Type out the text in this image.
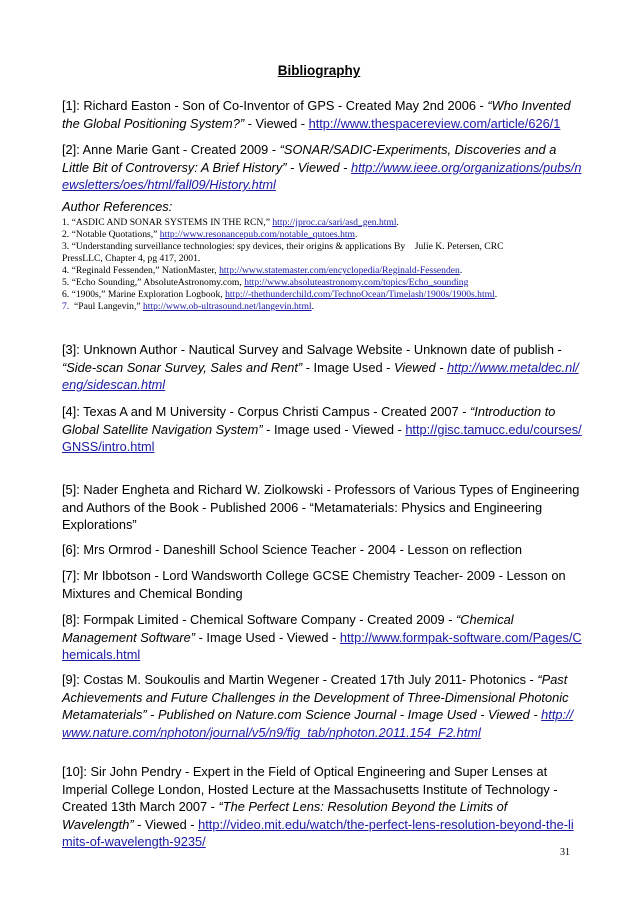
Bibliography
[1]: Richard Easton - Son of Co-Inventor of GPS - Created May 2nd 2006 - “Who Invented the Global Positioning System?” - Viewed - http://www.thespacereview.com/article/626/1
[2]: Anne Marie Gant - Created 2009 - “SONAR/SADIC-Experiments, Discoveries and a Little Bit of Controversy: A Brief History” - Viewed - http://www.ieee.org/organizations/pubs/newsletters/oes/html/fall09/History.html
Author References:
1. “ASDIC AND SONAR SYSTEMS IN THE RCN,” http://jproc.ca/sari/asd_gen.html.
2. “Notable Quotations,” http://www.resonancepub.com/notable_qutoes.htm.
3. “Understanding surveillance technologies: spy devices, their origins & applications By    Julie K. Petersen, CRC
PressLLC, Chapter 4, pg 417, 2001.
4. “Reginald Fessenden,” NationMaster, http://www.statemaster.com/encyclopedia/Reginald-Fessenden.
5. “Echo Sounding,” AbsoluteAstronomy.com, http://www.absoluteastronomy.com/topics/Echo_sounding
6. “1900s,” Marine Exploration Logbook, http://-thethunderchild.com/TechnoOcean/Timelash/1900s/1900s.html.
7.  “Paul Langevin,” http://www.ob-ultrasound.net/langevin.html.
[3]: Unknown Author - Nautical Survey and Salvage Website - Unknown date of publish - “Side-scan Sonar Survey, Sales and Rent” - Image Used - Viewed - http://www.metaldec.nl/eng/sidescan.html
[4]: Texas A and M University - Corpus Christi Campus - Created 2007 - “Introduction to Global Satellite Navigation System” - Image used - Viewed - http://gisc.tamucc.edu/courses/GNSS/intro.html
[5]: Nader Engheta and Richard W. Ziolkowski - Professors of Various Types of Engineering and Authors of the Book - Published 2006 - “Metamaterials: Physics and Engineering Explorations”
[6]: Mrs Ormrod - Daneshill School Science Teacher - 2004 - Lesson on reflection
[7]: Mr Ibbotson - Lord Wandsworth College GCSE Chemistry Teacher- 2009 - Lesson on Mixtures and Chemical Bonding
[8]: Formpak Limited - Chemical Software Company - Created 2009 - “Chemical Management Software” - Image Used - Viewed - http://www.formpak-software.com/Pages/Chemicals.html
[9]: Costas M. Soukoulis and Martin Wegener - Created 17th July 2011- Photonics - “Past Achievements and Future Challenges in the Development of Three-Dimensional Photonic Metamaterials” - Published on Nature.com Science Journal - Image Used - Viewed - http://www.nature.com/nphoton/journal/v5/n9/fig_tab/nphoton.2011.154_F2.html
[10]: Sir John Pendry - Expert in the Field of Optical Engineering and Super Lenses at Imperial College London, Hosted Lecture at the Massachusetts Institute of Technology - Created 13th March 2007 - “The Perfect Lens: Resolution Beyond the Limits of Wavelength” - Viewed - http://video.mit.edu/watch/the-perfect-lens-resolution-beyond-the-limits-of-wavelength-9235/
31
